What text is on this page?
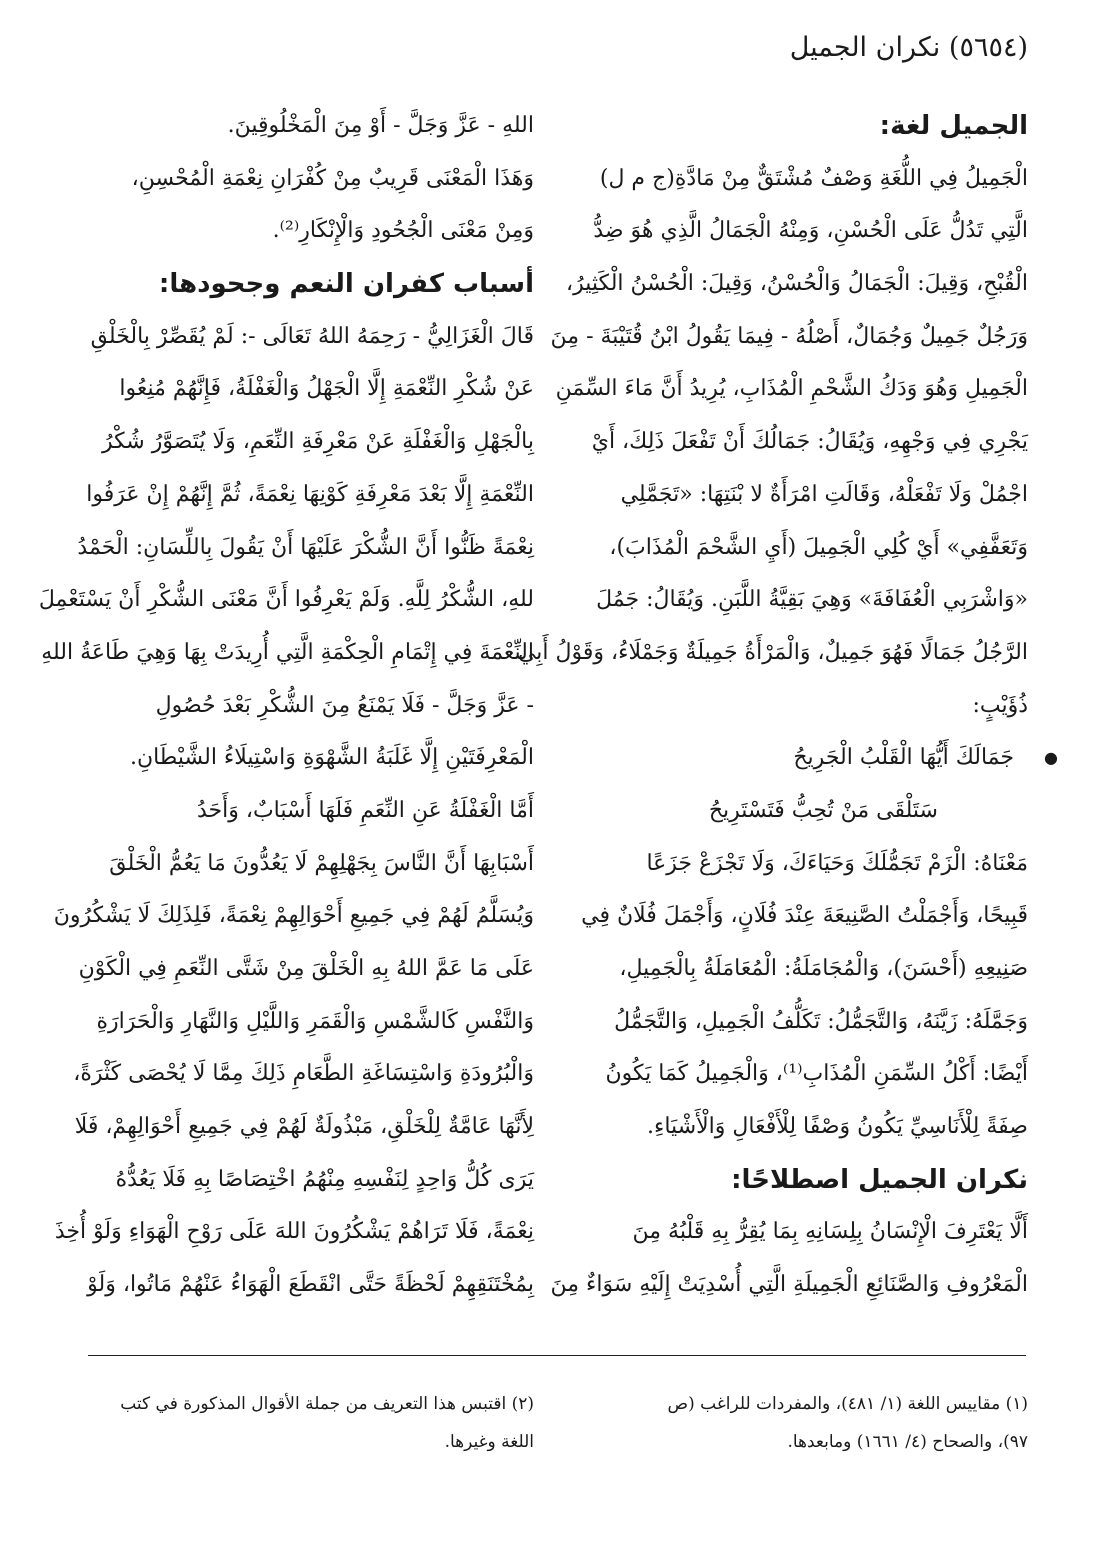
(٥٦٥٤) نكران الجميل
الجميل لغة:
الْجَمِيلُ فِي اللُّغَةِ وَصْفٌ مُشْتَقٌّ مِنْ مَادَّةِ(ج م ل)
الَّتِي تَدُلُّ عَلَى الْحُسْنِ، وَمِنْهُ الْجَمَالُ الَّذِي هُوَ ضِدُّ
الْقُبْحِ، وَقِيلَ: الْجَمَالُ وَالْحُسْنُ، وَقِيلَ: الْحُسْنُ الْكَثِيرُ،
وَرَجُلٌ جَمِيلٌ وَجُمَالٌ، أَصْلُهُ - فِيمَا يَقُولُ ابْنُ قُتَيْبَةَ - مِنَ
الْجَمِيلِ وَهُوَ وَدَكُ الشَّحْمِ الْمُذَابِ، يُرِيدُ أَنَّ مَاءَ السِّمَنِ
يَجْرِي فِي وَجْهِهِ، وَيُقَالُ: جَمَالُكَ أَنْ تَفْعَلَ ذَلِكَ، أَيْ
اجْمُلْ وَلَا تَفْعَلْهُ، وَقَالَتِ امْرَأَةٌ لا بْنَتِهَا: «تَجَمَّلِي
وَتَعَفَّفِي» أَيْ كُلِي الْجَمِيلَ (أَيِ الشَّحْمَ الْمُذَابَ)،
«وَاشْرَبِي الْعُفَافَةَ» وَهِيَ بَقِيَّةُ اللَّبَنِ. وَيُقَالُ: جَمُلَ
الرَّجُلُ جَمَالًا فَهُوَ جَمِيلٌ، وَالْمَرْأَةُ جَمِيلَةٌ وَجَمْلَاءُ، وَقَوْلُ أَبِي
ذُؤَيْبٍ:
●
جَمَالَكَ أَيُّهَا الْقَلْبُ الْجَرِيحُ
سَتَلْقَى مَنْ تُحِبُّ فَتَسْتَرِيحُ
مَعْنَاهُ: الْزَمْ تَجَمُّلَكَ وَحَيَاءَكَ، وَلَا تَجْزَعْ جَزَعًا
قَبِيحًا، وَأَجْمَلْتُ الصَّنِيعَةَ عِنْدَ فُلَانٍ، وَأَجْمَلَ فُلَانٌ فِي
صَنِيعِهِ (أَحْسَنَ)، وَالْمُجَامَلَةُ: الْمُعَامَلَةُ بِالْجَمِيلِ،
وَجَمَّلَهُ: زَيَّنَهُ، وَالتَّجَمُّلُ: تَكَلُّفُ الْجَمِيلِ، وَالتَّجَمُّلُ
أَيْضًا: أَكْلُ السِّمَنِ الْمُذَابِ⁽¹⁾، وَالْجَمِيلُ كَمَا يَكُونُ
صِفَةً لِلْأَنَاسِيِّ يَكُونُ وَصْفًا لِلْأَفْعَالِ وَالْأَشْيَاءِ.
نكران الجميل اصطلاحًا:
أَلَّا يَعْتَرِفَ الْإِنْسَانُ بِلِسَانِهِ بِمَا يُقِرُّ بِهِ قَلْبُهُ مِنَ
الْمَعْرُوفِ وَالصَّنَائِعِ الْجَمِيلَةِ الَّتِي أُسْدِيَتْ إِلَيْهِ سَوَاءٌ مِنَ
اللهِ - عَزَّ وَجَلَّ - أَوْ مِنَ الْمَخْلُوقِينَ.
وَهَذَا الْمَعْنَى قَرِيبٌ مِنْ كُفْرَانِ نِعْمَةِ الْمُحْسِنِ،
وَمِنْ مَعْنَى الْجُحُودِ وَالْإِنْكَارِ⁽²⁾.
أسباب كفران النعم وجحودها:
قَالَ الْغَزَالِيُّ - رَحِمَهُ اللهُ تَعَالَى -: لَمْ يُقَصِّرْ بِالْخَلْقِ
عَنْ شُكْرِ النِّعْمَةِ إِلَّا الْجَهْلُ وَالْغَفْلَةُ، فَإِنَّهُمْ مُنِعُوا
بِالْجَهْلِ وَالْغَفْلَةِ عَنْ مَعْرِفَةِ النِّعَمِ، وَلَا يُتَصَوَّرُ شُكْرُ
النِّعْمَةِ إِلَّا بَعْدَ مَعْرِفَةِ كَوْنِهَا نِعْمَةً، ثُمَّ إِنَّهُمْ إِنْ عَرَفُوا
نِعْمَةً ظَنُّوا أَنَّ الشُّكْرَ عَلَيْهَا أَنْ يَقُولَ بِاللِّسَانِ: الْحَمْدُ
للهِ، الشُّكْرُ لِلَّهِ. وَلَمْ يَعْرِفُوا أَنَّ مَعْنَى الشُّكْرِ أَنْ يَسْتَعْمِلَ
النِّعْمَةَ فِي إِتْمَامِ الْحِكْمَةِ الَّتِي أُرِيدَتْ بِهَا وَهِيَ طَاعَةُ اللهِ
- عَزَّ وَجَلَّ - فَلَا يَمْنَعُ مِنَ الشُّكْرِ بَعْدَ حُصُولِ
الْمَعْرِفَتَيْنِ إِلَّا غَلَبَةُ الشَّهْوَةِ وَاسْتِيلَاءُ الشَّيْطَانِ.
أَمَّا الْغَفْلَةُ عَنِ النِّعَمِ فَلَهَا أَسْبَابٌ، وَأَحَدُ
أَسْبَابِهَا أَنَّ النَّاسَ بِجَهْلِهِمْ لَا يَعُدُّونَ مَا يَعُمُّ الْخَلْقَ
وَيُسَلَّمُ لَهُمْ فِي جَمِيعِ أَحْوَالِهِمْ نِعْمَةً، فَلِذَلِكَ لَا يَشْكُرُونَ
عَلَى مَا عَمَّ اللهُ بِهِ الْخَلْقَ مِنْ شَتَّى النِّعَمِ فِي الْكَوْنِ
وَالنَّفْسِ كَالشَّمْسِ وَالْقَمَرِ وَاللَّيْلِ وَالنَّهَارِ وَالْحَرَارَةِ
وَالْبُرُودَةِ وَاسْتِسَاغَةِ الطَّعَامِ ذَلِكَ مِمَّا لَا يُحْصَى كَثْرَةً،
لِأَنَّهَا عَامَّةٌ لِلْخَلْقِ، مَبْذُولَةٌ لَهُمْ فِي جَمِيعِ أَحْوَالِهِمْ، فَلَا
يَرَى كُلُّ وَاحِدٍ لِنَفْسِهِ مِنْهُمُ اخْتِصَاصًا بِهِ فَلَا يَعُدُّهُ
نِعْمَةً، فَلَا تَرَاهُمْ يَشْكُرُونَ اللهَ عَلَى رَوْحِ الْهَوَاءِ وَلَوْ أُخِذَ
بِمُخْتَنَقِهِمْ لَحْظَةً حَتَّى انْقَطَعَ الْهَوَاءُ عَنْهُمْ مَاتُوا، وَلَوْ
(١) مقاييس اللغة (١/ ٤٨١)، والمفردات للراغب (ص
٩٧)، والصحاح (٤/ ١٦٦١) ومابعدها.
(٢) اقتبس هذا التعريف من جملة الأقوال المذكورة في كتب
اللغة وغيرها.
